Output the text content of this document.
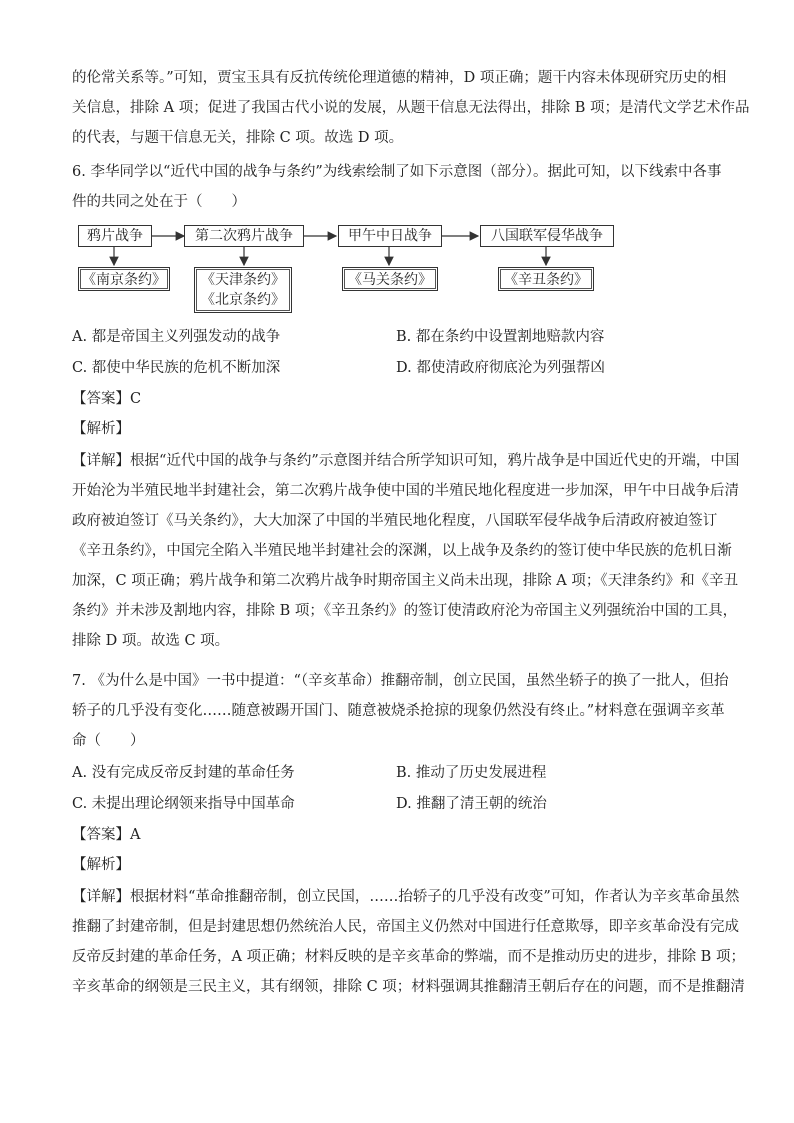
的伦常关系等。”可知，贾宝玉具有反抗传统伦理道德的精神，D 项正确；题干内容未体现研究历史的相
关信息，排除 A 项；促进了我国古代小说的发展，从题干信息无法得出，排除 B 项；是清代文学艺术作品
的代表，与题干信息无关，排除 C 项。故选 D 项。
6. 李华同学以“近代中国的战争与条约”为线索绘制了如下示意图（部分）。据此可知，以下线索中各事
件的共同之处在于（　　）
鸦片战争	第二次鸦片战争	甲午中日战争	八国联军侵华战争
《南京条约》	《天津条约》
《北京条约》
《马关条约》	《辛丑条约》
A. 都是帝国主义列强发动的战争	B. 都在条约中设置割地赔款内容
C. 都使中华民族的危机不断加深	D. 都使清政府彻底沦为列强帮凶
【答案】C
【解析】
【详解】根据“近代中国的战争与条约”示意图并结合所学知识可知，鸦片战争是中国近代史的开端，中国
开始沦为半殖民地半封建社会，第二次鸦片战争使中国的半殖民地化程度进一步加深，甲午中日战争后清
政府被迫签订《马关条约》，大大加深了中国的半殖民地化程度，八国联军侵华战争后清政府被迫签订
《辛丑条约》，中国完全陷入半殖民地半封建社会的深渊，以上战争及条约的签订使中华民族的危机日渐
加深，C 项正确；鸦片战争和第二次鸦片战争时期帝国主义尚未出现，排除 A 项；《天津条约》和《辛丑
条约》并未涉及割地内容，排除 B 项；《辛丑条约》的签订使清政府沦为帝国主义列强统治中国的工具，
排除 D 项。故选 C 项。
7. 《为什么是中国》一书中提道：“（辛亥革命）推翻帝制，创立民国，虽然坐轿子的换了一批人，但抬
轿子的几乎没有变化……随意被踢开国门、随意被烧杀抢掠的现象仍然没有终止。”材料意在强调辛亥革
命（　　）
A. 没有完成反帝反封建的革命任务	B. 推动了历史发展进程
C. 未提出理论纲领来指导中国革命	D. 推翻了清王朝的统治
【答案】A
【解析】
【详解】根据材料“革命推翻帝制，创立民国，……抬轿子的几乎没有改变”可知，作者认为辛亥革命虽然
推翻了封建帝制，但是封建思想仍然统治人民，帝国主义仍然对中国进行任意欺辱，即辛亥革命没有完成
反帝反封建的革命任务，A 项正确；材料反映的是辛亥革命的弊端，而不是推动历史的进步，排除 B 项；
辛亥革命的纲领是三民主义，其有纲领，排除 C 项；材料强调其推翻清王朝后存在的问题，而不是推翻清
